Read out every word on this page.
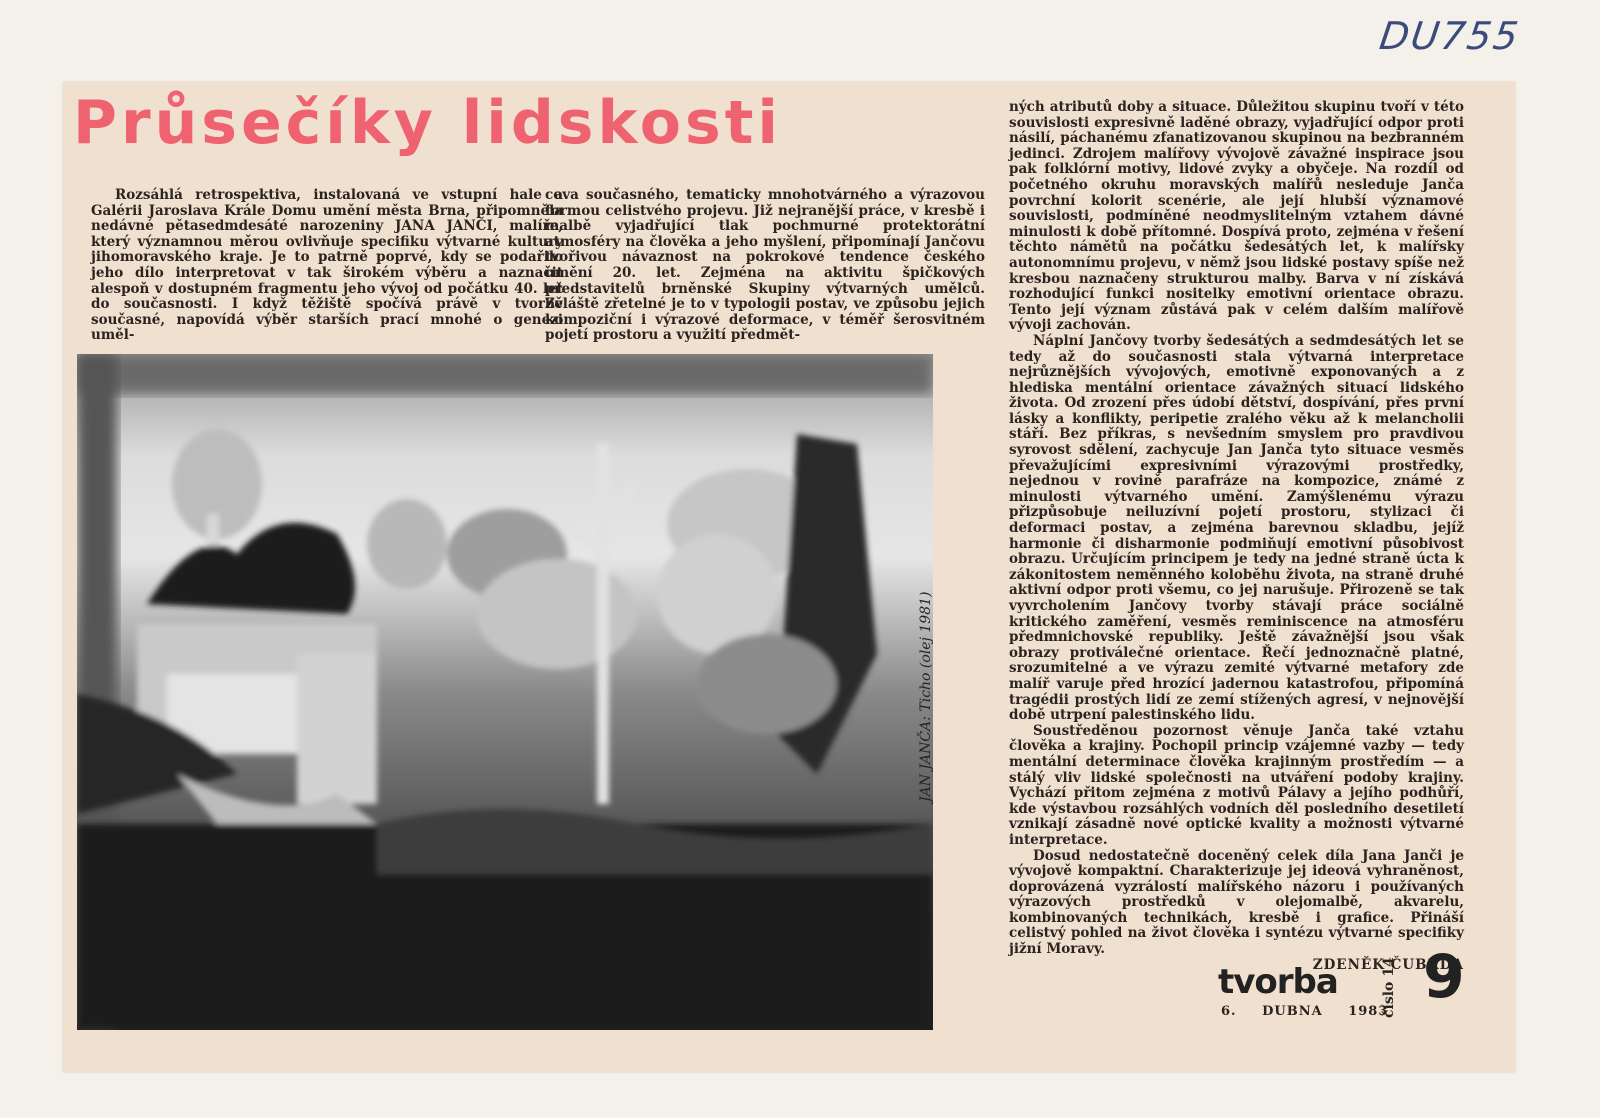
DU755
Průsečíky lidskosti

Rozsáhlá retrospektiva, instalovaná ve vstupní hale a Galérii Jaroslava Krále Domu umění města Brna, připomněla nedávné pětasedmdesáté narozeniny JANA JANČI, malíře, který významnou měrou ovlivňuje specifiku výtvarné kultury jihomoravského kraje. Je to patrně poprvé, kdy se podařilo jeho dílo interpretovat v tak širokém výběru a naznačit alespoň v dostupném fragmentu jeho vývoj od počátku 40. let do současnosti. I když těžiště spočívá právě v tvorbě současné, napovídá výběr starších prací mnohé o genezi uměl-

cova současného, tematicky mnohotvárného a výrazovou formou celistvého projevu. Již nejranější práce, v kresbě i malbě vyjadřující tlak pochmurné protektorátní atmosféry na člověka a jeho myšlení, připomínají Jančovu tvořivou návaznost na pokrokové tendence českého umění 20. let. Zejména na aktivitu špičkových představitelů brněnské Skupiny výtvarných umělců. Zvláště zřetelné je to v typologii postav, ve způsobu jejich kompoziční i výrazové deformace, v téměř šerosvitném pojetí prostoru a využití předmět-

ných atributů doby a situace. Důležitou skupinu tvoří v této souvislosti expresivně laděné obrazy, vyjadřující odpor proti násilí, páchanému zfanatizovanou skupinou na bezbranném jedinci. Zdrojem malířovy vývojově závažné inspirace jsou pak folklórní motivy, lidové zvyky a obyčeje. Na rozdíl od početného okruhu moravských malířů nesleduje Janča povrchní kolorit scenérie, ale její hlubší významové souvislosti, podmíněné neodmyslitelným vztahem dávné minulosti k době přítomné. Dospívá proto, zejména v řešení těchto námětů na počátku šedesátých let, k malířsky autonomnímu projevu, v němž jsou lidské postavy spíše než kresbou naznačeny strukturou malby. Barva v ní získává rozhodující funkci nositelky emotivní orientace obrazu. Tento její význam zůstává pak v celém dalším malířově vývoji zachován.

Náplní Jančovy tvorby šedesátých a sedmdesátých let se tedy až do současnosti stala výtvarná interpretace nejrůznějších vývojových, emotivně exponovaných a z hlediska mentální orientace závažných situací lidského života. Od zrození přes údobí dětství, dospívání, přes první lásky a konflikty, peripetie zralého věku až k melancholii stáří. Bez příkras, s nevšedním smyslem pro pravdivou syrovost sdělení, zachycuje Jan Janča tyto situace vesměs převažujícími expresivními výrazovými prostředky, nejednou v rovině parafráze na kompozice, známé z minulosti výtvarného umění. Zamýšlenému výrazu přizpůsobuje neiluzívní pojetí prostoru, stylizaci či deformaci postav, a zejména barevnou skladbu, jejíž harmonie či disharmonie podmiňují emotivní působivost obrazu. Určujícím principem je tedy na jedné straně úcta k zákonitostem neměnného koloběhu života, na straně druhé aktivní odpor proti všemu, co jej narušuje. Přirozeně se tak vyvrcholením Jančovy tvorby stávají práce sociálně kritického zaměření, vesměs reminiscence na atmosféru předmnichovské republiky. Ještě závažnější jsou však obrazy protiválečné orientace. Řečí jednoznačně platné, srozumitelné a ve výrazu zemité výtvarné metafory zde malíř varuje před hrozící jadernou katastrofou, připomíná tragédii prostých lidí ze zemí stížených agresí, v nejnovější době utrpení palestinského lidu.

Soustředěnou pozornost věnuje Janča také vztahu člověka a krajiny. Pochopil princip vzájemné vazby — tedy mentální determinace člověka krajinným prostředím — a stálý vliv lidské společnosti na utváření podoby krajiny. Vychází přitom zejména z motivů Pálavy a jejího podhůří, kde výstavbou rozsáhlých vodních děl posledního desetiletí vznikají zásadně nové optické kvality a možnosti výtvarné interpretace.

Dosud nedostatečně doceněný celek díla Jana Janči je vývojově kompaktní. Charakterizuje jej ideová vyhraněnost, doprovázená vyzrálostí malířského názoru i používaných výrazových prostředků v olejomalbě, akvarelu, kombinovaných technikách, kresbě i grafice. Přináší celistvý pohled na život člověka i syntézu výtvarné specifiky jižní Moravy.

ZDENĚK ČUBRDA
JAN JANČA: Ticho (olej 1981)
tvorba
6. DUBNA 1983
číslo 14 9
